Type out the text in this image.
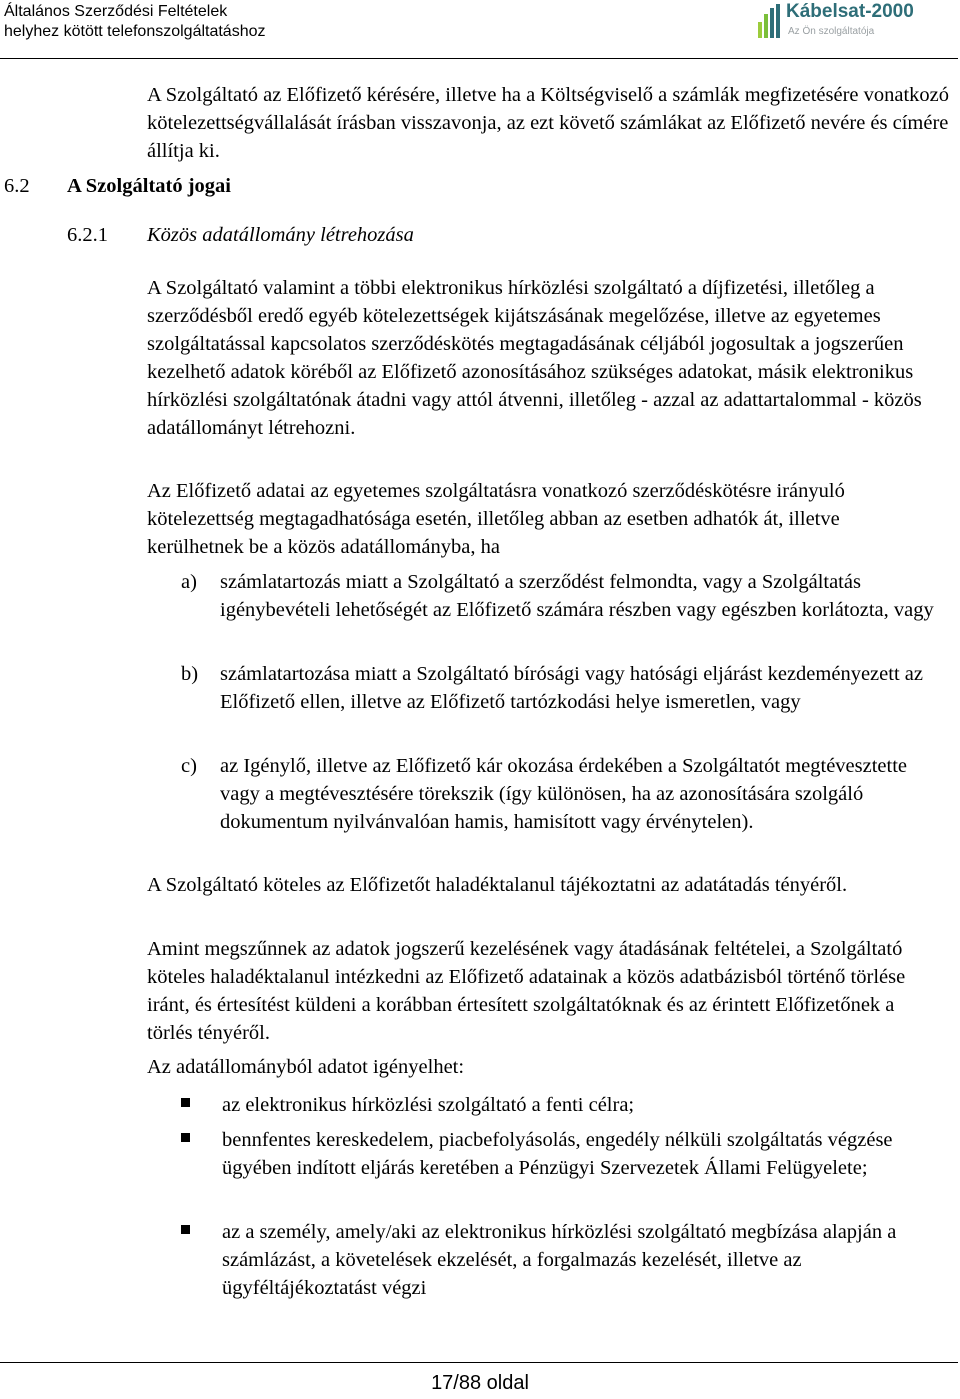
Általános Szerződési Feltételek
helyhez kötött telefonszolgáltatáshoz
Kábelsat-2000
Az Ön szolgáltatója

A Szolgáltató az Előfizető kérésére, illetve ha a Költségviselő a számlák megfizetésére vonatkozó kötelezettségvállalását írásban visszavonja, az ezt követő számlákat az Előfizető nevére és címére állítja ki.

6.2 A Szolgáltató jogai
6.2.1 Közös adatállomány létrehozása

A Szolgáltató valamint a többi elektronikus hírközlési szolgáltató a díjfizetési, illetőleg a szerződésből eredő egyéb kötelezettségek kijátszásának megelőzése, illetve az egyetemes szolgáltatással kapcsolatos szerződéskötés megtagadásának céljából jogosultak a jogszerűen kezelhető adatok köréből az Előfizető azonosításához szükséges adatokat, másik elektronikus hírközlési szolgáltatónak átadni vagy attól átvenni, illetőleg - azzal az adattartalommal - közös adatállományt létrehozni.

Az Előfizető adatai az egyetemes szolgáltatásra vonatkozó szerződéskötésre irányuló kötelezettség megtagadhatósága esetén, illetőleg abban az esetben adhatók át, illetve kerülhetnek be a közös adatállományba, ha

a) számlatartozás miatt a Szolgáltató a szerződést felmondta, vagy a Szolgáltatás igénybevételi lehetőségét az Előfizető számára részben vagy egészben korlátozta, vagy
b) számlatartozása miatt a Szolgáltató bírósági vagy hatósági eljárást kezdeményezett az Előfizető ellen, illetve az Előfizető tartózkodási helye ismeretlen, vagy
c) az Igénylő, illetve az Előfizető kár okozása érdekében a Szolgáltatót megtévesztette vagy a megtévesztésére törekszik (így különösen, ha az azonosítására szolgáló dokumentum nyilvánvalóan hamis, hamisított vagy érvénytelen).

A Szolgáltató köteles az Előfizetőt haladéktalanul tájékoztatni az adatátadás tényéről.

Amint megszűnnek az adatok jogszerű kezelésének vagy átadásának feltételei, a Szolgáltató köteles haladéktalanul intézkedni az Előfizető adatainak a közös adatbázisból történő törlése iránt, és értesítést küldeni a korábban értesített szolgáltatóknak és az érintett Előfizetőnek a törlés tényéről.

Az adatállományból adatot igényelhet:

az elektronikus hírközlési szolgáltató a fenti célra;
bennfentes kereskedelem, piacbefolyásolás, engedély nélküli szolgáltatás végzése ügyében indított eljárás keretében a Pénzügyi Szervezetek Állami Felügyelete;
az a személy, amely/aki az elektronikus hírközlési szolgáltató megbízása alapján a számlázást, a követelések ekzelését, a forgalmazás kezelését, illetve az ügyféltájékoztatást végzi
17/88 oldal
